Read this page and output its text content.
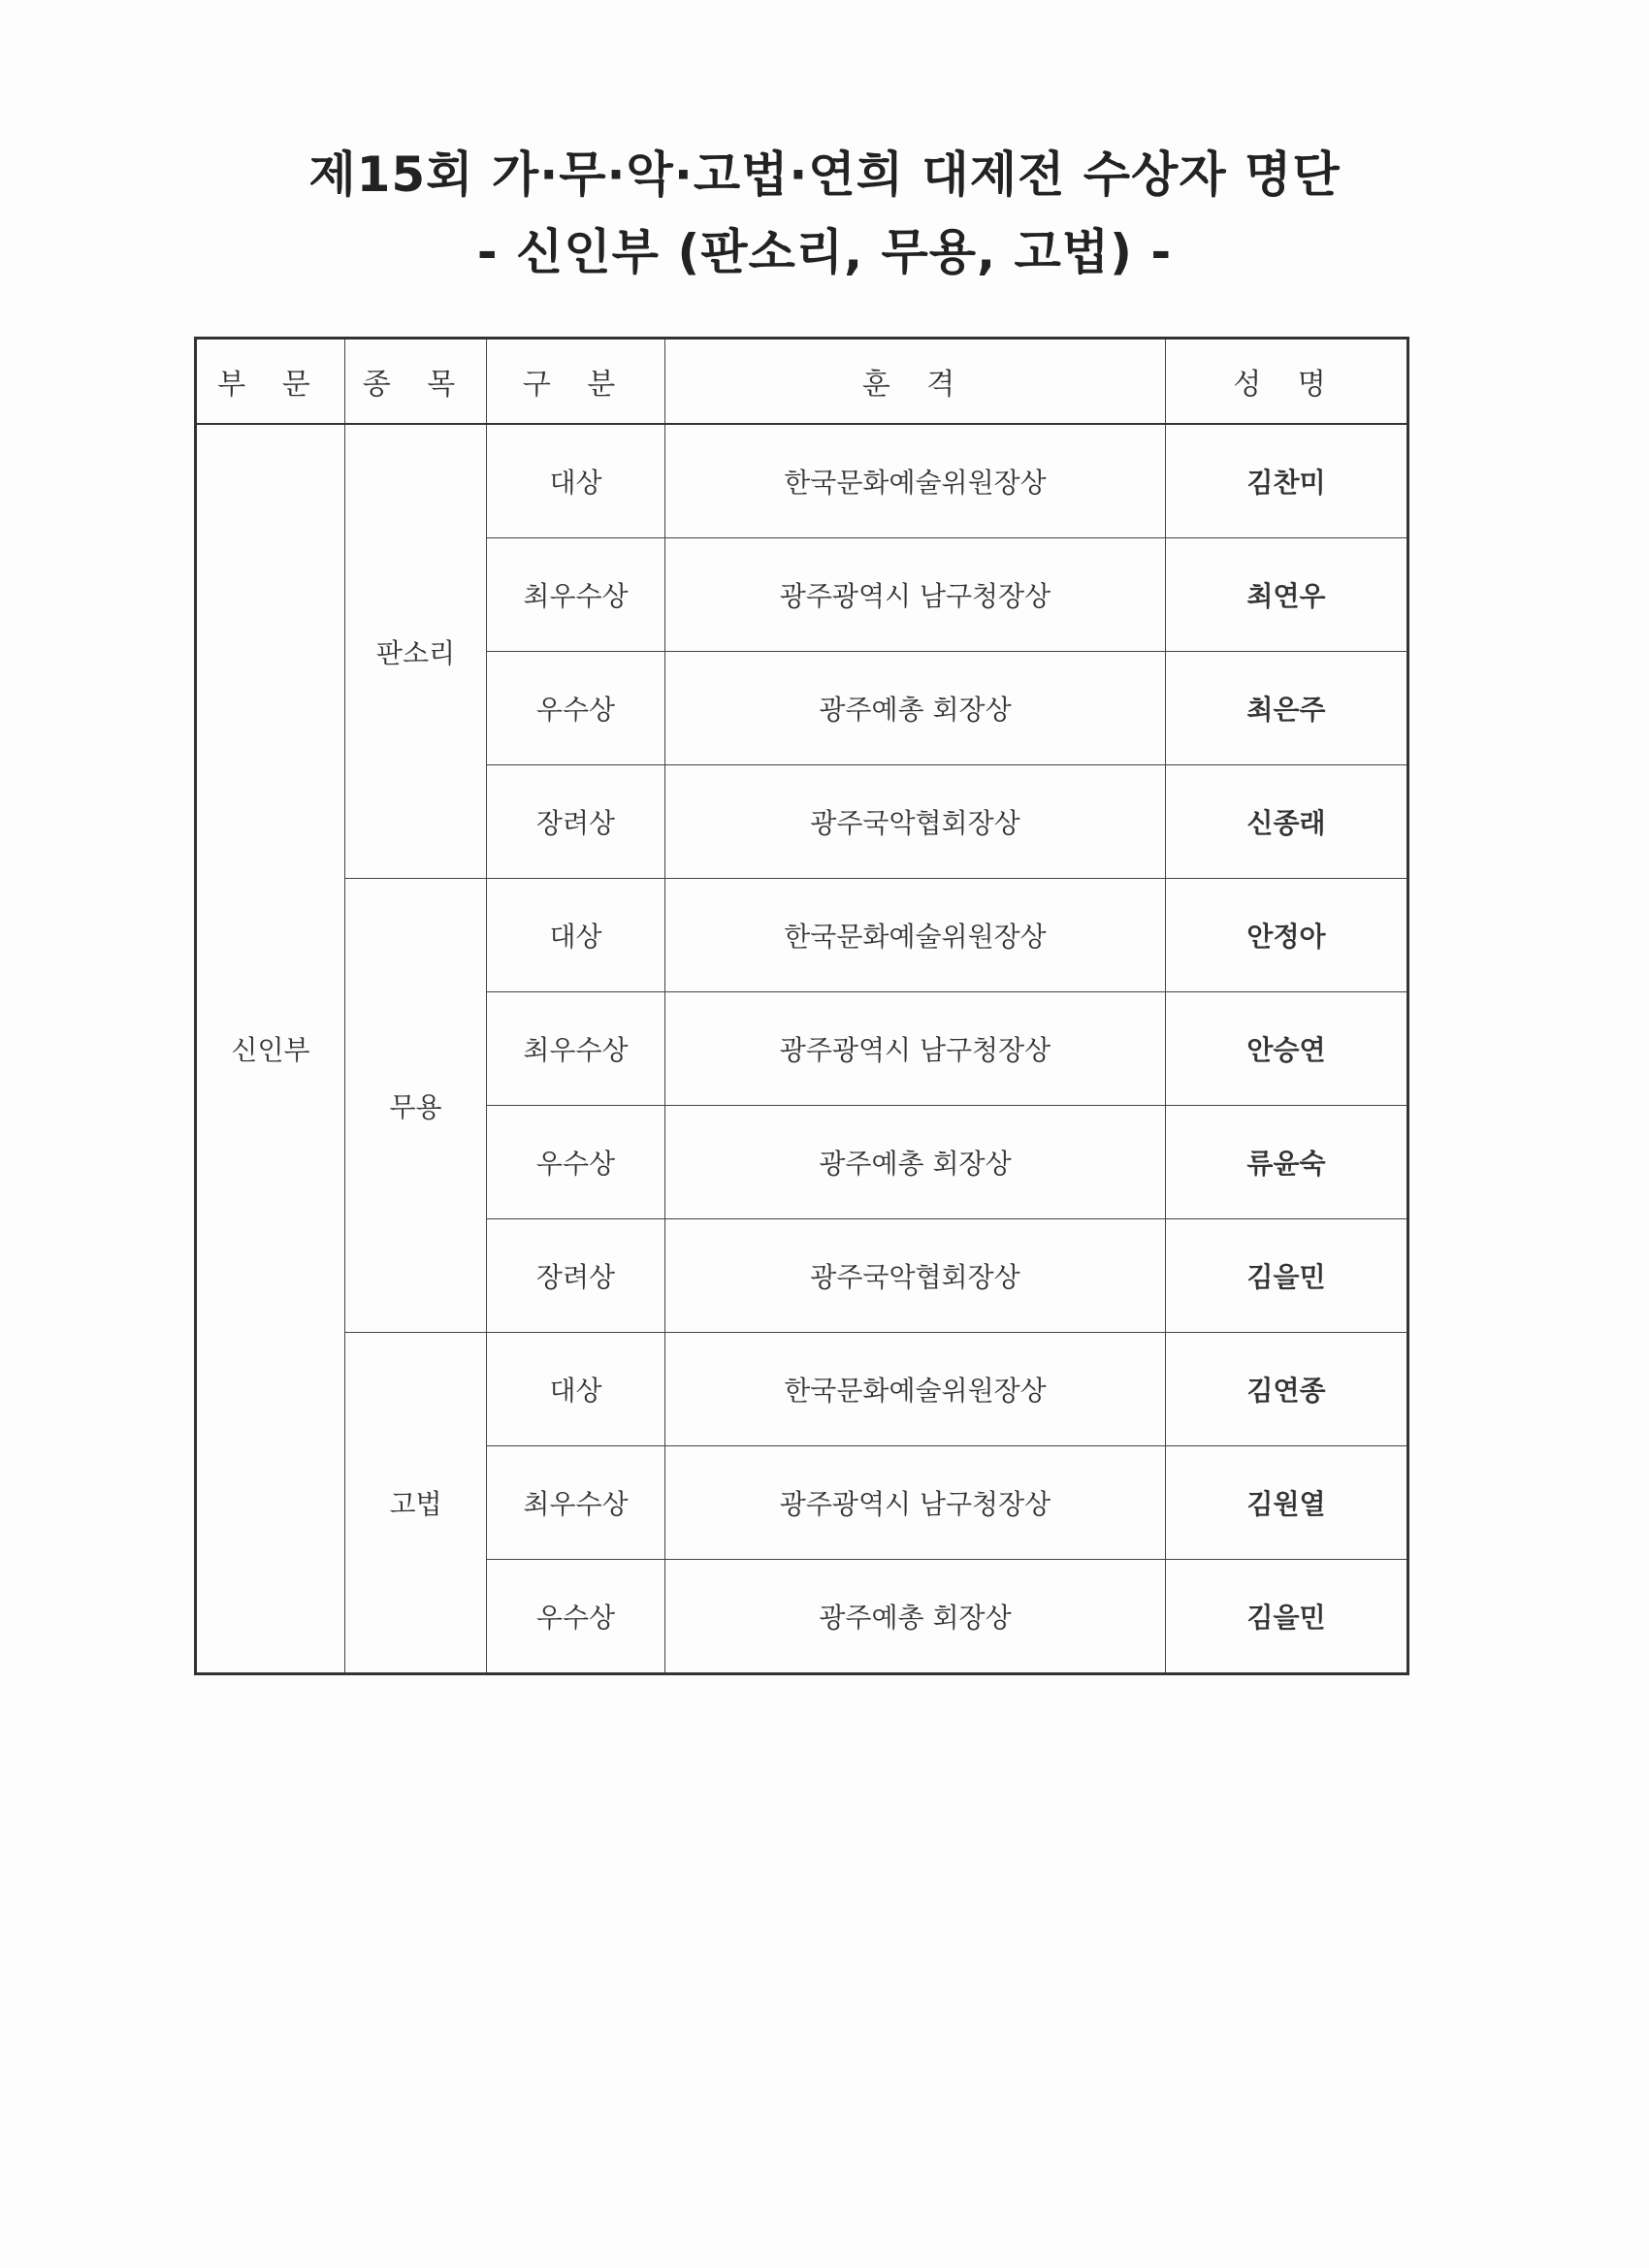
제15회 가·무·악·고법·연희 대제전 수상자 명단
- 신인부 (판소리, 무용, 고법) -
부 문	종 목	구 분	훈 격	성 명
신인부	판소리	대상	한국문화예술위원장상	김찬미
		최우수상	광주광역시 남구청장상	최연우
		우수상	광주예총 회장상	최은주
		장려상	광주국악협회장상	신종래
	무용	대상	한국문화예술위원장상	안정아
		최우수상	광주광역시 남구청장상	안승연
		우수상	광주예총 회장상	류윤숙
		장려상	광주국악협회장상	김을민
	고법	대상	한국문화예술위원장상	김연종
		최우수상	광주광역시 남구청장상	김원열
		우수상	광주예총 회장상	김을민
